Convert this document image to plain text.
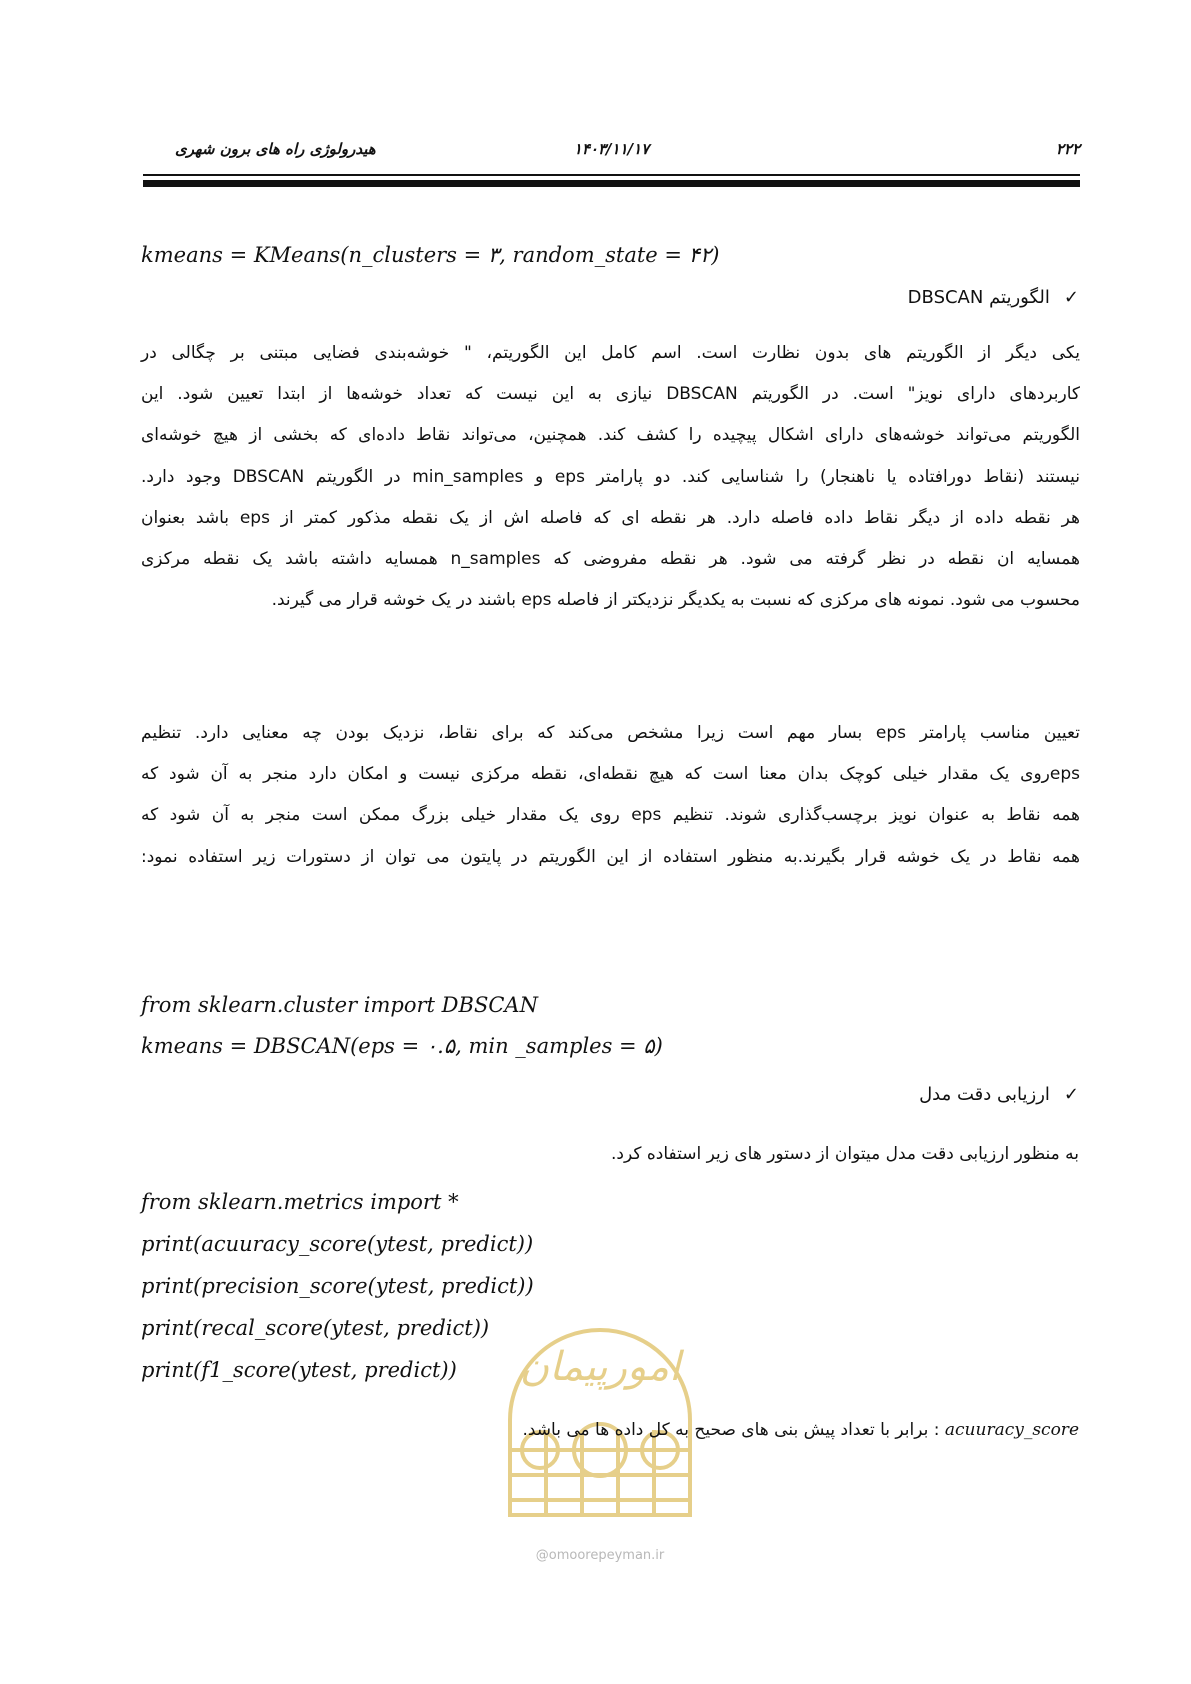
۲۲۲
۱۴۰۳/۱۱/۱۷
هیدرولوژی راه های برون شهری
kmeans = KMeans(n_clusters = ۳, random_state = ۴۲)
✓الگوریتم DBSCAN
یکی دیگر از الگوریتم های بدون نظارت است. اسم کامل این الگوریتم، " خوشه‌بندی فضایی مبتنی بر چگالی در
کاربردهای دارای نویز" است. در الگوریتم DBSCAN نیازی به این نیست که تعداد خوشه‌ها از ابتدا تعیین شود. این
الگوریتم می‌تواند خوشه‌های دارای اشکال پیچیده را کشف کند. همچنین، می‌تواند نقاط داده‌ای که بخشی از هیچ خوشه‌ای
نیستند (نقاط دورافتاده یا ناهنجار) را شناسایی کند. دو پارامتر eps و min_samples در الگوریتم DBSCAN وجود دارد.
هر نقطه داده از دیگر نقاط داده فاصله دارد. هر نقطه ای که فاصله اش از یک نقطه مذکور کمتر از eps باشد بعنوان
همسایه ان نقطه در نظر گرفته می شود. هر نقطه مفروضی که n_samples همسایه داشته باشد یک نقطه مرکزی
محسوب می شود. نمونه های مرکزی که نسبت به یکدیگر نزدیکتر از فاصله eps باشند در یک خوشه قرار می گیرند.
تعیین مناسب پارامتر eps بسار مهم است زیرا مشخص می‌کند که برای نقاط، نزدیک بودن چه معنایی دارد. تنظیم
epsروی یک مقدار خیلی کوچک بدان معنا است که هیچ نقطه‌ای، نقطه مرکزی نیست و امکان دارد منجر به آن شود که
همه نقاط به عنوان نویز برچسب‌گذاری شوند. تنظیم eps روی یک مقدار خیلی بزرگ ممکن است منجر به آن شود که
همه نقاط در یک خوشه قرار بگیرند.به منظور استفاده از این الگوریتم در پایتون می توان از دستورات زیر استفاده نمود:
from sklearn.cluster import DBSCAN
kmeans = DBSCAN(eps = ۰.۵, min _samples = ۵)
✓ارزیابی دقت مدل
به منظور ارزیابی دقت مدل میتوان از دستور های زیر استفاده کرد.
from sklearn.metrics import *
print(acuuracy_score(ytest, predict))
print(precision_score(ytest, predict))
print(recal_score(ytest, predict))
print(f1_score(ytest, predict)) امورپیمان
@omoorepeyman.ir
acuuracy_score : برابر با تعداد پیش بنی های صحیح به کل داده ها می باشد.
